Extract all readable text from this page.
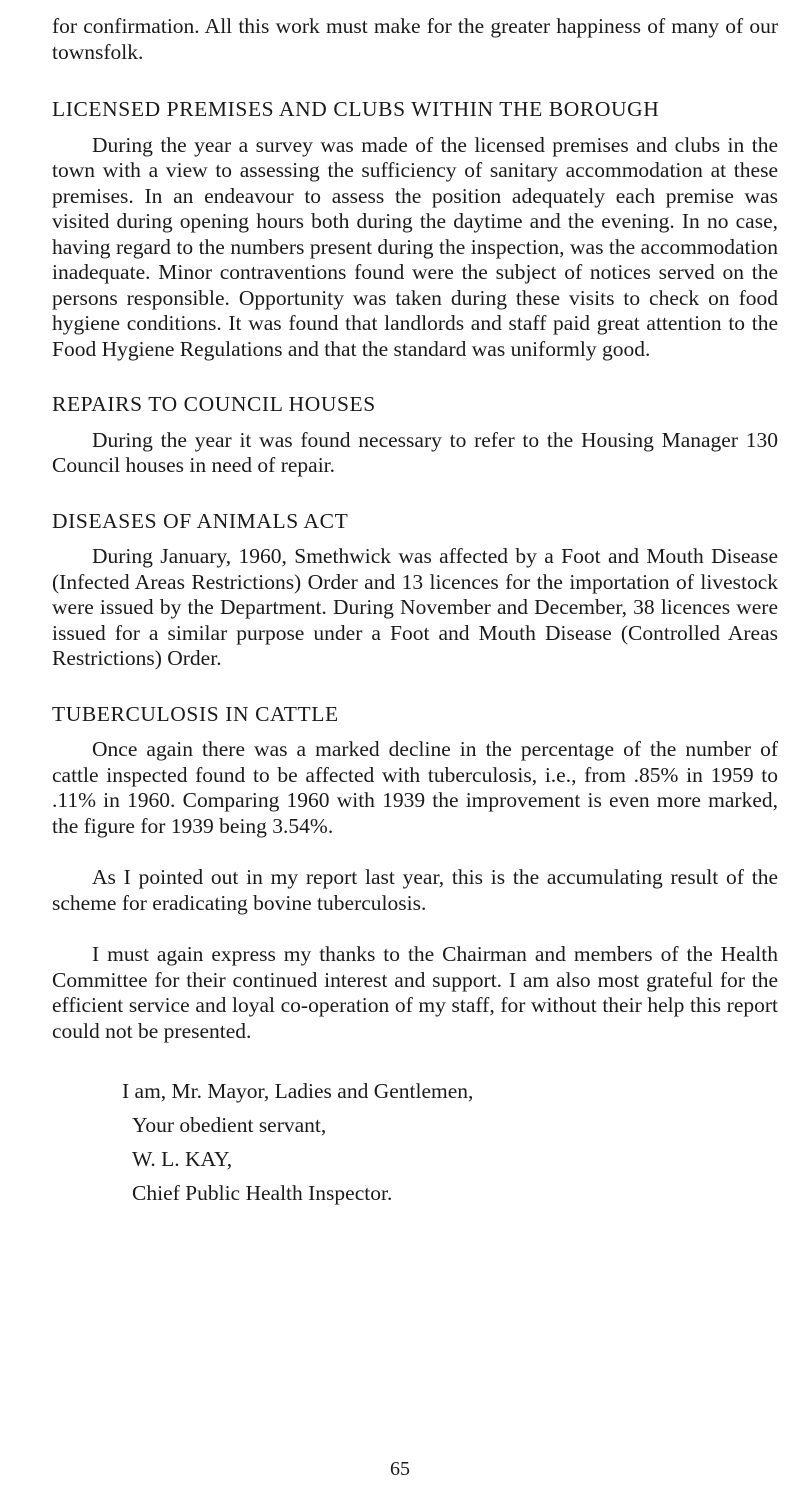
for confirmation. All this work must make for the greater happiness of many of our townsfolk.

LICENSED PREMISES AND CLUBS WITHIN THE BOROUGH

During the year a survey was made of the licensed premises and clubs in the town with a view to assessing the sufficiency of sanitary accommodation at these premises. In an endeavour to assess the position adequately each premise was visited during opening hours both during the daytime and the evening. In no case, having regard to the numbers present during the inspection, was the accommodation inadequate. Minor contraventions found were the subject of notices served on the persons responsible. Opportunity was taken during these visits to check on food hygiene conditions. It was found that landlords and staff paid great attention to the Food Hygiene Regulations and that the standard was uniformly good.

REPAIRS TO COUNCIL HOUSES

During the year it was found necessary to refer to the Housing Manager 130 Council houses in need of repair.

DISEASES OF ANIMALS ACT

During January, 1960, Smethwick was affected by a Foot and Mouth Disease (Infected Areas Restrictions) Order and 13 licences for the importation of livestock were issued by the Department. During November and December, 38 licences were issued for a similar purpose under a Foot and Mouth Disease (Controlled Areas Restrictions) Order.

TUBERCULOSIS IN CATTLE

Once again there was a marked decline in the percentage of the number of cattle inspected found to be affected with tuberculosis, i.e., from .85% in 1959 to .11% in 1960. Comparing 1960 with 1939 the improvement is even more marked, the figure for 1939 being 3.54%.

As I pointed out in my report last year, this is the accumulating result of the scheme for eradicating bovine tuberculosis.

I must again express my thanks to the Chairman and members of the Health Committee for their continued interest and support. I am also most grateful for the efficient service and loyal co-operation of my staff, for without their help this report could not be presented.

I am, Mr. Mayor, Ladies and Gentlemen,
Your obedient servant,
W. L. KAY,
Chief Public Health Inspector.
65
